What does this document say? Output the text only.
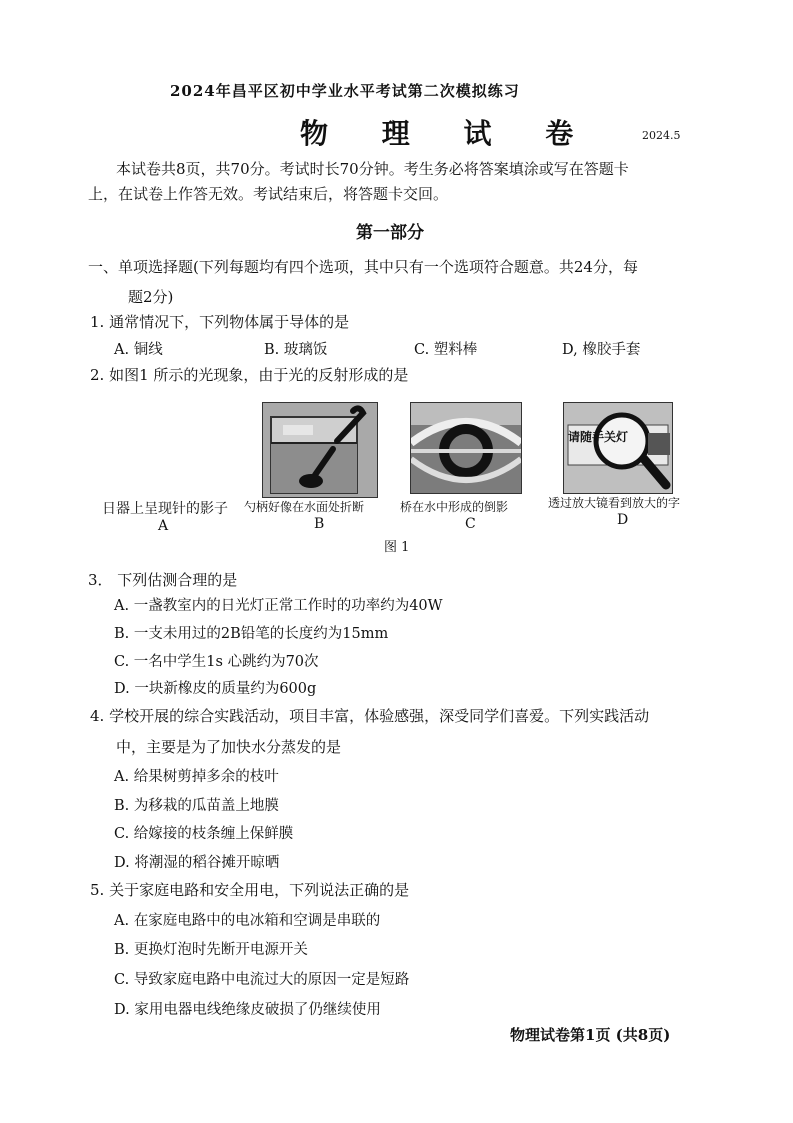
2024年昌平区初中学业水平考试第二次模拟练习
物 理 试 卷	2024.5
本试卷共8页，共70分。考试时长70分钟。考生务必将答案填涂或写在答题卡
上，在试卷上作答无效。考试结束后，将答题卡交回。
第一部分
一、单项选择题(下列每题均有四个选项，其中只有一个选项符合题意。共24分，每
题2分)
1. 通常情况下，下列物体属于导体的是
A. 铜线	B. 玻璃饭	C. 塑料棒	D, 橡胶手套
2. 如图1 所示的光现象，由于光的反射形成的是
请随手关灯
日器上呈现针的影子 勺柄好像在水面处折断	桥在水中形成的倒影	透过放大镜看到放大的字
A	B	C	D
图 1
3． 下列估测合理的是
A. 一盏教室内的日光灯正常工作时的功率约为40W
B. 一支未用过的2B铅笔的长度约为15mm
C. 一名中学生1s 心跳约为70次
D. 一块新橡皮的质量约为600g
4. 学校开展的综合实践活动，项目丰富，体验感强，深受同学们喜爱。下列实践活动
中，主要是为了加快水分蒸发的是
A. 给果树剪掉多余的枝叶
B. 为移栽的瓜苗盖上地膜
C. 给嫁接的枝条缠上保鲜膜
D. 将潮湿的稻谷摊开晾晒
5. 关于家庭电路和安全用电，下列说法正确的是
A. 在家庭电路中的电冰箱和空调是串联的
B. 更换灯泡时先断开电源开关
C. 导致家庭电路中电流过大的原因一定是短路
D. 家用电器电线绝缘皮破损了仍继续使用
物理试卷第1页 (共8页)
